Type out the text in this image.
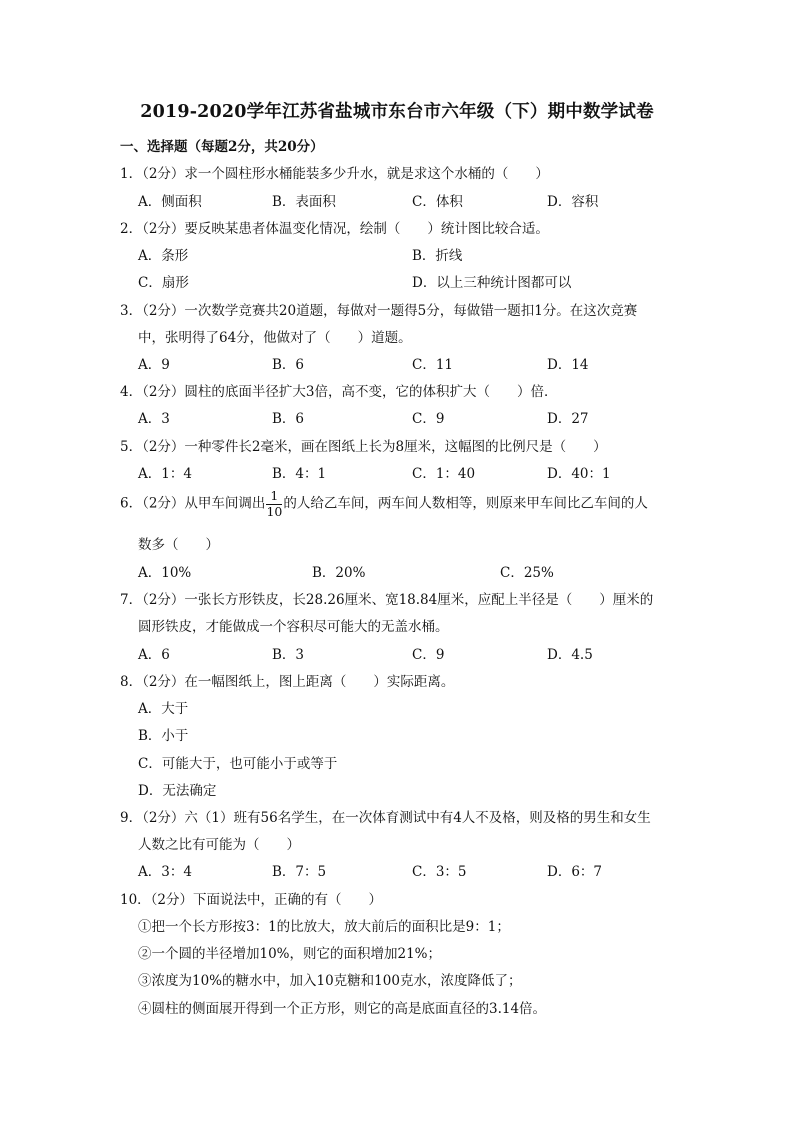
2019-2020学年江苏省盐城市东台市六年级（下）期中数学试卷
一、选择题（每题2分，共20分）
1．（2分）求一个圆柱形水桶能装多少升水，就是求这个水桶的（　　）
A．侧面积	B．表面积	C．体积	D．容积
2．（2分）要反映某患者体温变化情况，绘制（　　）统计图比较合适。
A．条形	B．折线
C．扇形	D．以上三种统计图都可以
3．（2分）一次数学竞赛共20道题，每做对一题得5分，每做错一题扣1分。在这次竞赛
中，张明得了64分，他做对了（　　）道题。
A．9	B．6	C．11	D．14
4．（2分）圆柱的底面半径扩大3倍，高不变，它的体积扩大（　　）倍．
A．3	B．6	C．9	D．27
5．（2分）一种零件长2毫米，画在图纸上长为8厘米，这幅图的比例尺是（　　）
A．1：4	B．4：1	C．1：40	D．40：1
6．（2分）从甲车间调出 $\frac{1}{10}$ 的人给乙车间，两车间人数相等，则原来甲车间比乙车间的人
数多（　　）
A．10%	B．20%	C．25%
7．（2分）一张长方形铁皮，长28.26厘米、宽18.84厘米，应配上半径是（　　）厘米的
圆形铁皮，才能做成一个容积尽可能大的无盖水桶。
A．6	B．3	C．9	D．4.5
8．（2分）在一幅图纸上，图上距离（　　）实际距离。
A．大于
B．小于
C．可能大于，也可能小于或等于
D．无法确定
9．（2分）六（1）班有56名学生，在一次体育测试中有4人不及格，则及格的男生和女生
人数之比有可能为（　　）
A．3：4	B．7：5	C．3：5	D．6：7
10．（2分）下面说法中，正确的有（　　）
①把一个长方形按3：1的比放大，放大前后的面积比是9：1；
②一个圆的半径增加10%，则它的面积增加21%；
③浓度为10%的糖水中，加入10克糖和100克水，浓度降低了；
④圆柱的侧面展开得到一个正方形，则它的高是底面直径的3.14倍。
